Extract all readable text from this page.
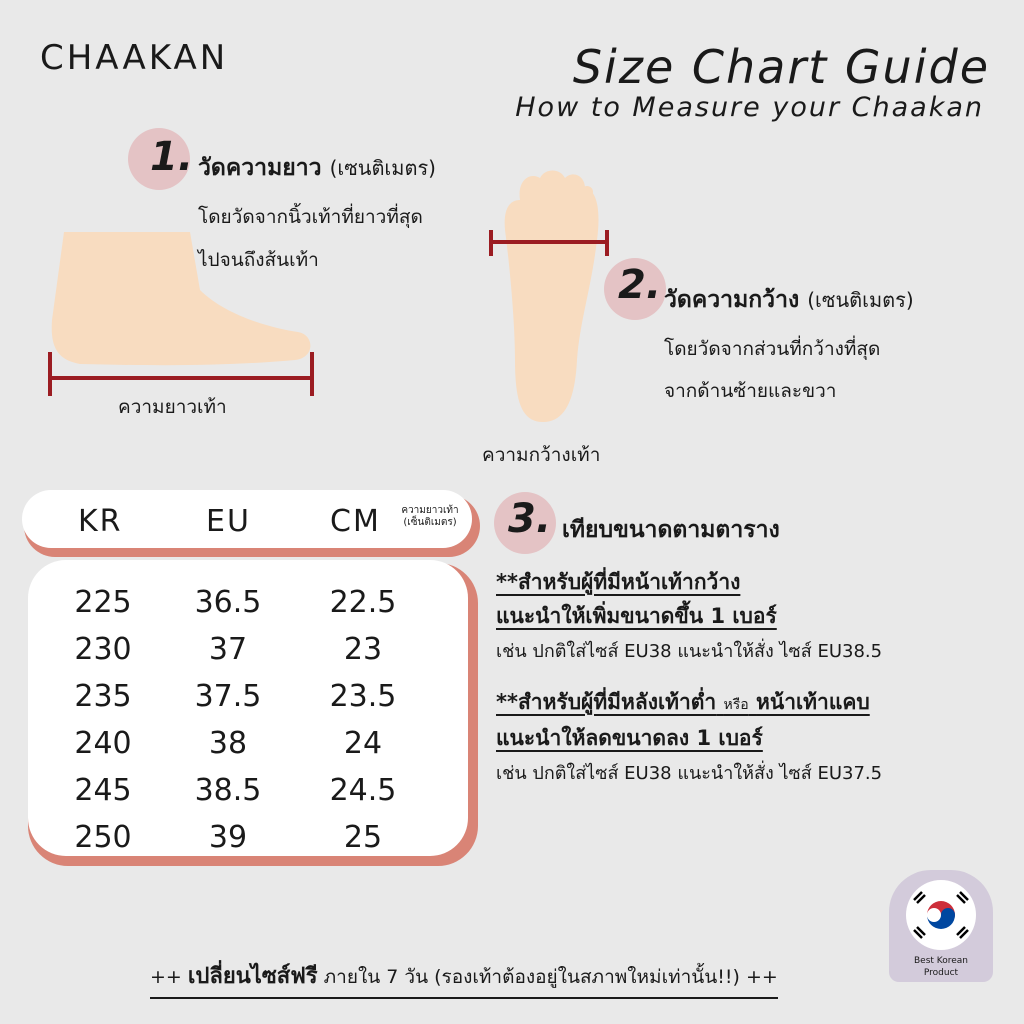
CHAAKAN	Size Chart Guide
How to Measure your Chaakan
1. วัดความยาว (เซนติเมตร)
โดยวัดจากนิ้วเท้าที่ยาวที่สุด
ไปจนถึงส้นเท้า
ความยาวเท้า
ความกว้างเท้า
2. วัดความกว้าง (เซนติเมตร)
โดยวัดจากส่วนที่กว้างที่สุด
จากด้านซ้ายและขวา
KR	EU	CM	ความยาวเท้า
(เซ็นติเมตร)
225	36.5	22.5
230	37	23
235	37.5	23.5
240	38	24
245	38.5	24.5
250	39	25
3. เทียบขนาดตามตาราง
**สำหรับผู้ที่มีหน้าเท้ากว้าง
แนะนำให้เพิ่มขนาดขึ้น 1 เบอร์
เช่น ปกติใส่ไซส์ EU38 แนะนำให้สั่ง ไซส์ EU38.5
**สำหรับผู้ที่มีหลังเท้าต่ำ หรือ หน้าเท้าแคบ
แนะนำให้ลดขนาดลง 1 เบอร์
เช่น ปกติใส่ไซส์ EU38 แนะนำให้สั่ง ไซส์ EU37.5
Best Korean
Product
++ เปลี่ยนไซส์ฟรี ภายใน 7 วัน (รองเท้าต้องอยู่ในสภาพใหม่เท่านั้น!!) ++
